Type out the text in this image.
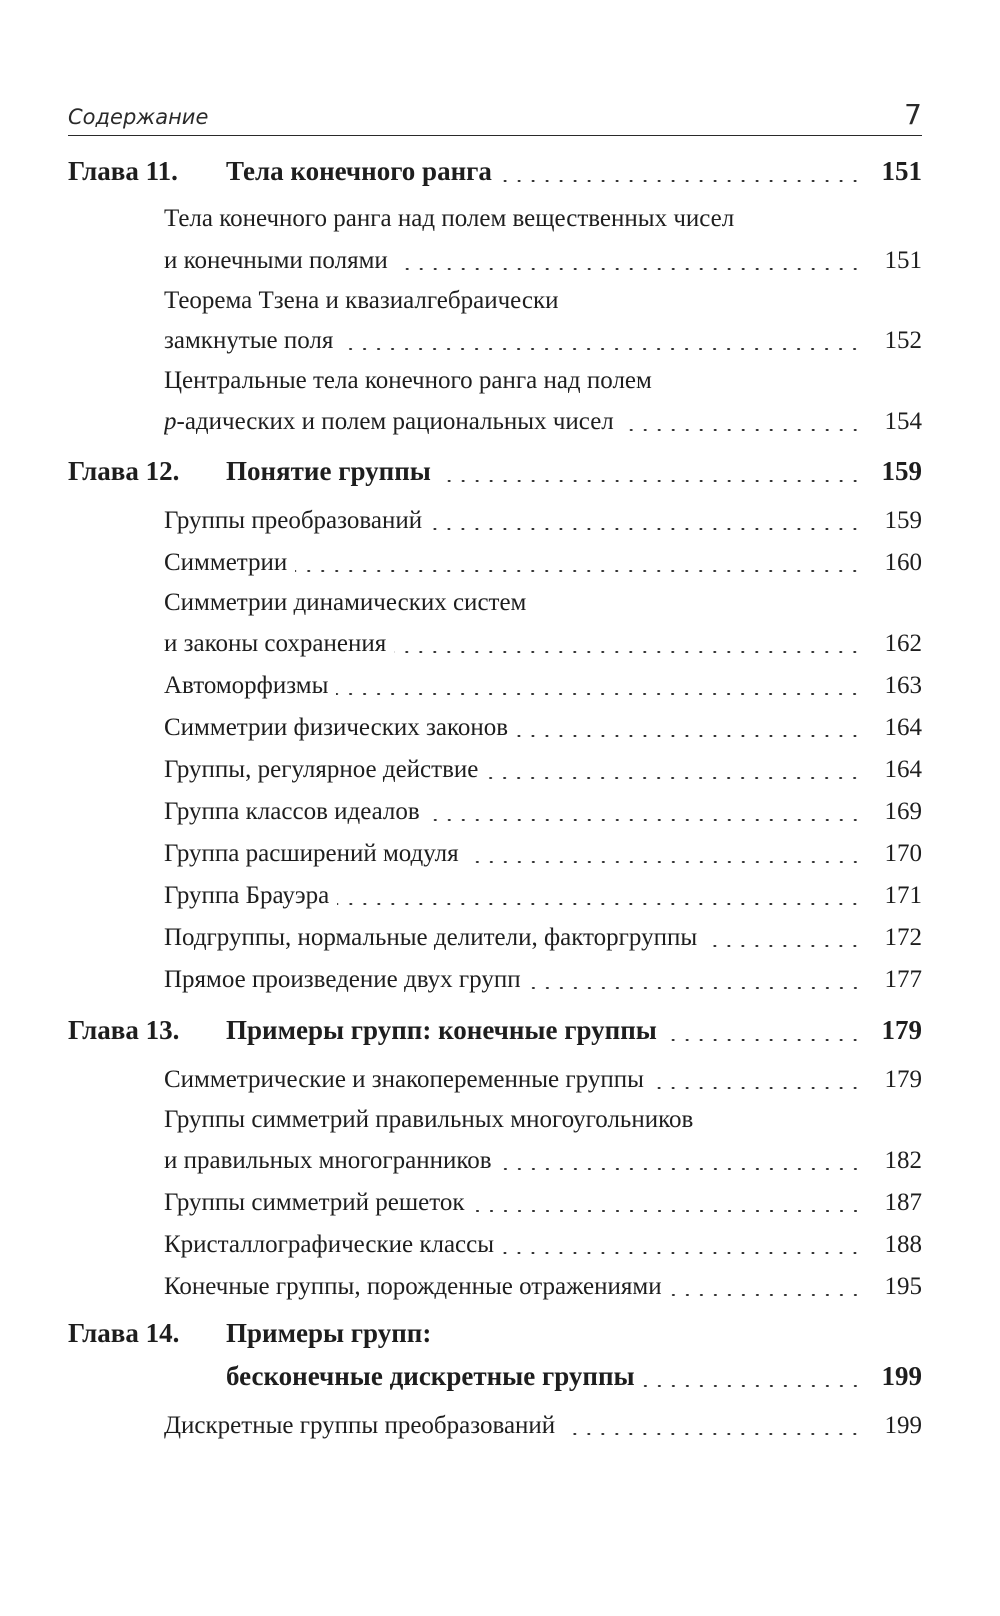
Содержание	7
Глава 11. Тела конечного ранга	151
Тела конечного ранга над полем вещественных чисел
и конечными полями	151
Теорема Тзена и квазиалгебраически
замкнутые поля	152
Центральные тела конечного ранга над полем
p-адических и полем рациональных чисел	154
Глава 12. Понятие группы	159
Группы преобразований	159
Симметрии	160
Симметрии динамических систем
и законы сохранения	162
Автоморфизмы	163
Симметрии физических законов	164
Группы, регулярное действие	164
Группа классов идеалов	169
Группа расширений модуля	170
Группа Брауэра	171
Подгруппы, нормальные делители, факторгруппы	172
Прямое произведение двух групп	177
Глава 13. Примеры групп: конечные группы	179
Симметрические и знакопеременные группы	179
Группы симметрий правильных многоугольников
и правильных многогранников	182
Группы симметрий решеток	187
Кристаллографические классы	188
Конечные группы, порожденные отражениями	195
Глава 14. Примеры групп:
бесконечные дискретные группы	199
Дискретные группы преобразований	199
